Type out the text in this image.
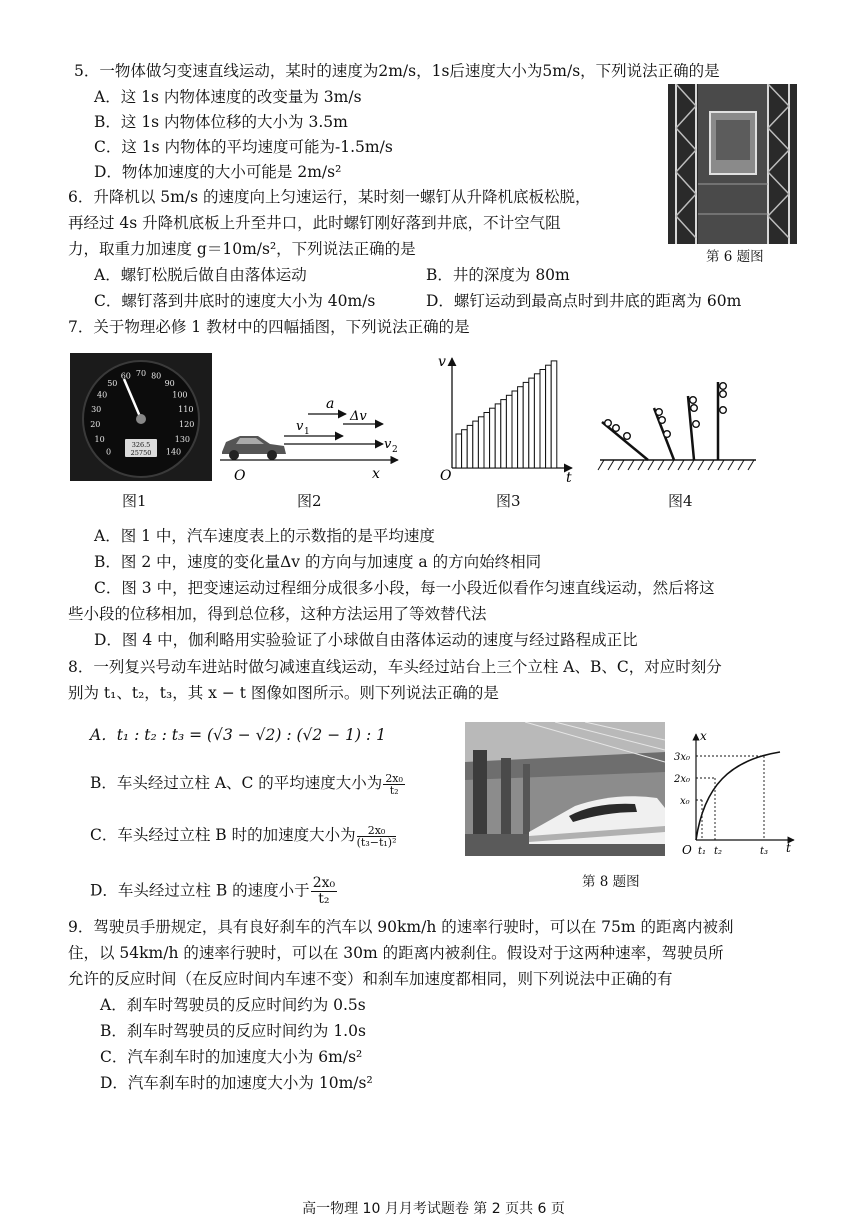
5．一物体做匀变速直线运动，某时的速度为2m/s，1s后速度大小为5m/s，下列说法正确的是
A．这 1s 内物体速度的改变量为 3m/s
B．这 1s 内物体位移的大小为 3.5m
C．这 1s 内物体的平均速度可能为-1.5m/s
D．物体加速度的大小可能是 2m/s²
第 6 题图
6．升降机以 5m/s 的速度向上匀速运行，某时刻一螺钉从升降机底板松脱，
再经过 4s 升降机底板上升至井口，此时螺钉刚好落到井底，不计空气阻
力，取重力加速度 g＝10m/s²，下列说法正确的是
A．螺钉松脱后做自由落体运动	B．井的深度为 80m
C．螺钉落到井底时的速度大小为 40m/s	D．螺钉运动到最高点时到井底的距离为 60m
7．关于物理必修 1 教材中的四幅插图，下列说法正确的是
0
10
20
30
40
50
60 70 80
90
100
110
120
130
140
326.5
25750
图1
a
v 1
Δv
v 2
O	x
图2
v
O	t
图3	图4
A．图 1 中，汽车速度表上的示数指的是平均速度
B．图 2 中，速度的变化量Δv 的方向与加速度 a 的方向始终相同
C．图 3 中，把变速运动过程细分成很多小段，每一小段近似看作匀速直线运动，然后将这
些小段的位移相加，得到总位移，这种方法运用了等效替代法
D．图 4 中，伽利略用实验验证了小球做自由落体运动的速度与经过路程成正比
8．一列复兴号动车进站时做匀减速直线运动，车头经过站台上三个立柱 A、B、C，对应时刻分
别为 t₁、t₂，t₃，其 x − t 图像如图所示。则下列说法正确的是
A．t₁ : t₂ : t₃ = (√3 − √2) : (√2 − 1) : 1
B．车头经过立柱 A、C 的平均速度大小为 $\frac{\text{2x₀}}{\text{t₂}}$
C．车头经过立柱 B 时的加速度大小为 $\frac{\text{2x₀}}{\text{(t₃−t₁)²}}$
D．车头经过立柱 B 的速度小于 $\frac{\text{2x₀}}{\text{t₂}}$
x
3x₀
2x₀
x₀
O t₁ t₂	t₃ t
第 8 题图
9．驾驶员手册规定，具有良好刹车的汽车以 90km/h 的速率行驶时，可以在 75m 的距离内被刹
住，以 54km/h 的速率行驶时，可以在 30m 的距离内被刹住。假设对于这两种速率，驾驶员所
允许的反应时间（在反应时间内车速不变）和刹车加速度都相同，则下列说法中正确的有
A．刹车时驾驶员的反应时间约为 0.5s
B．刹车时驾驶员的反应时间约为 1.0s
C．汽车刹车时的加速度大小为 6m/s²
D．汽车刹车时的加速度大小为 10m/s²
高一物理 10 月月考试题卷 第 2 页共 6 页
